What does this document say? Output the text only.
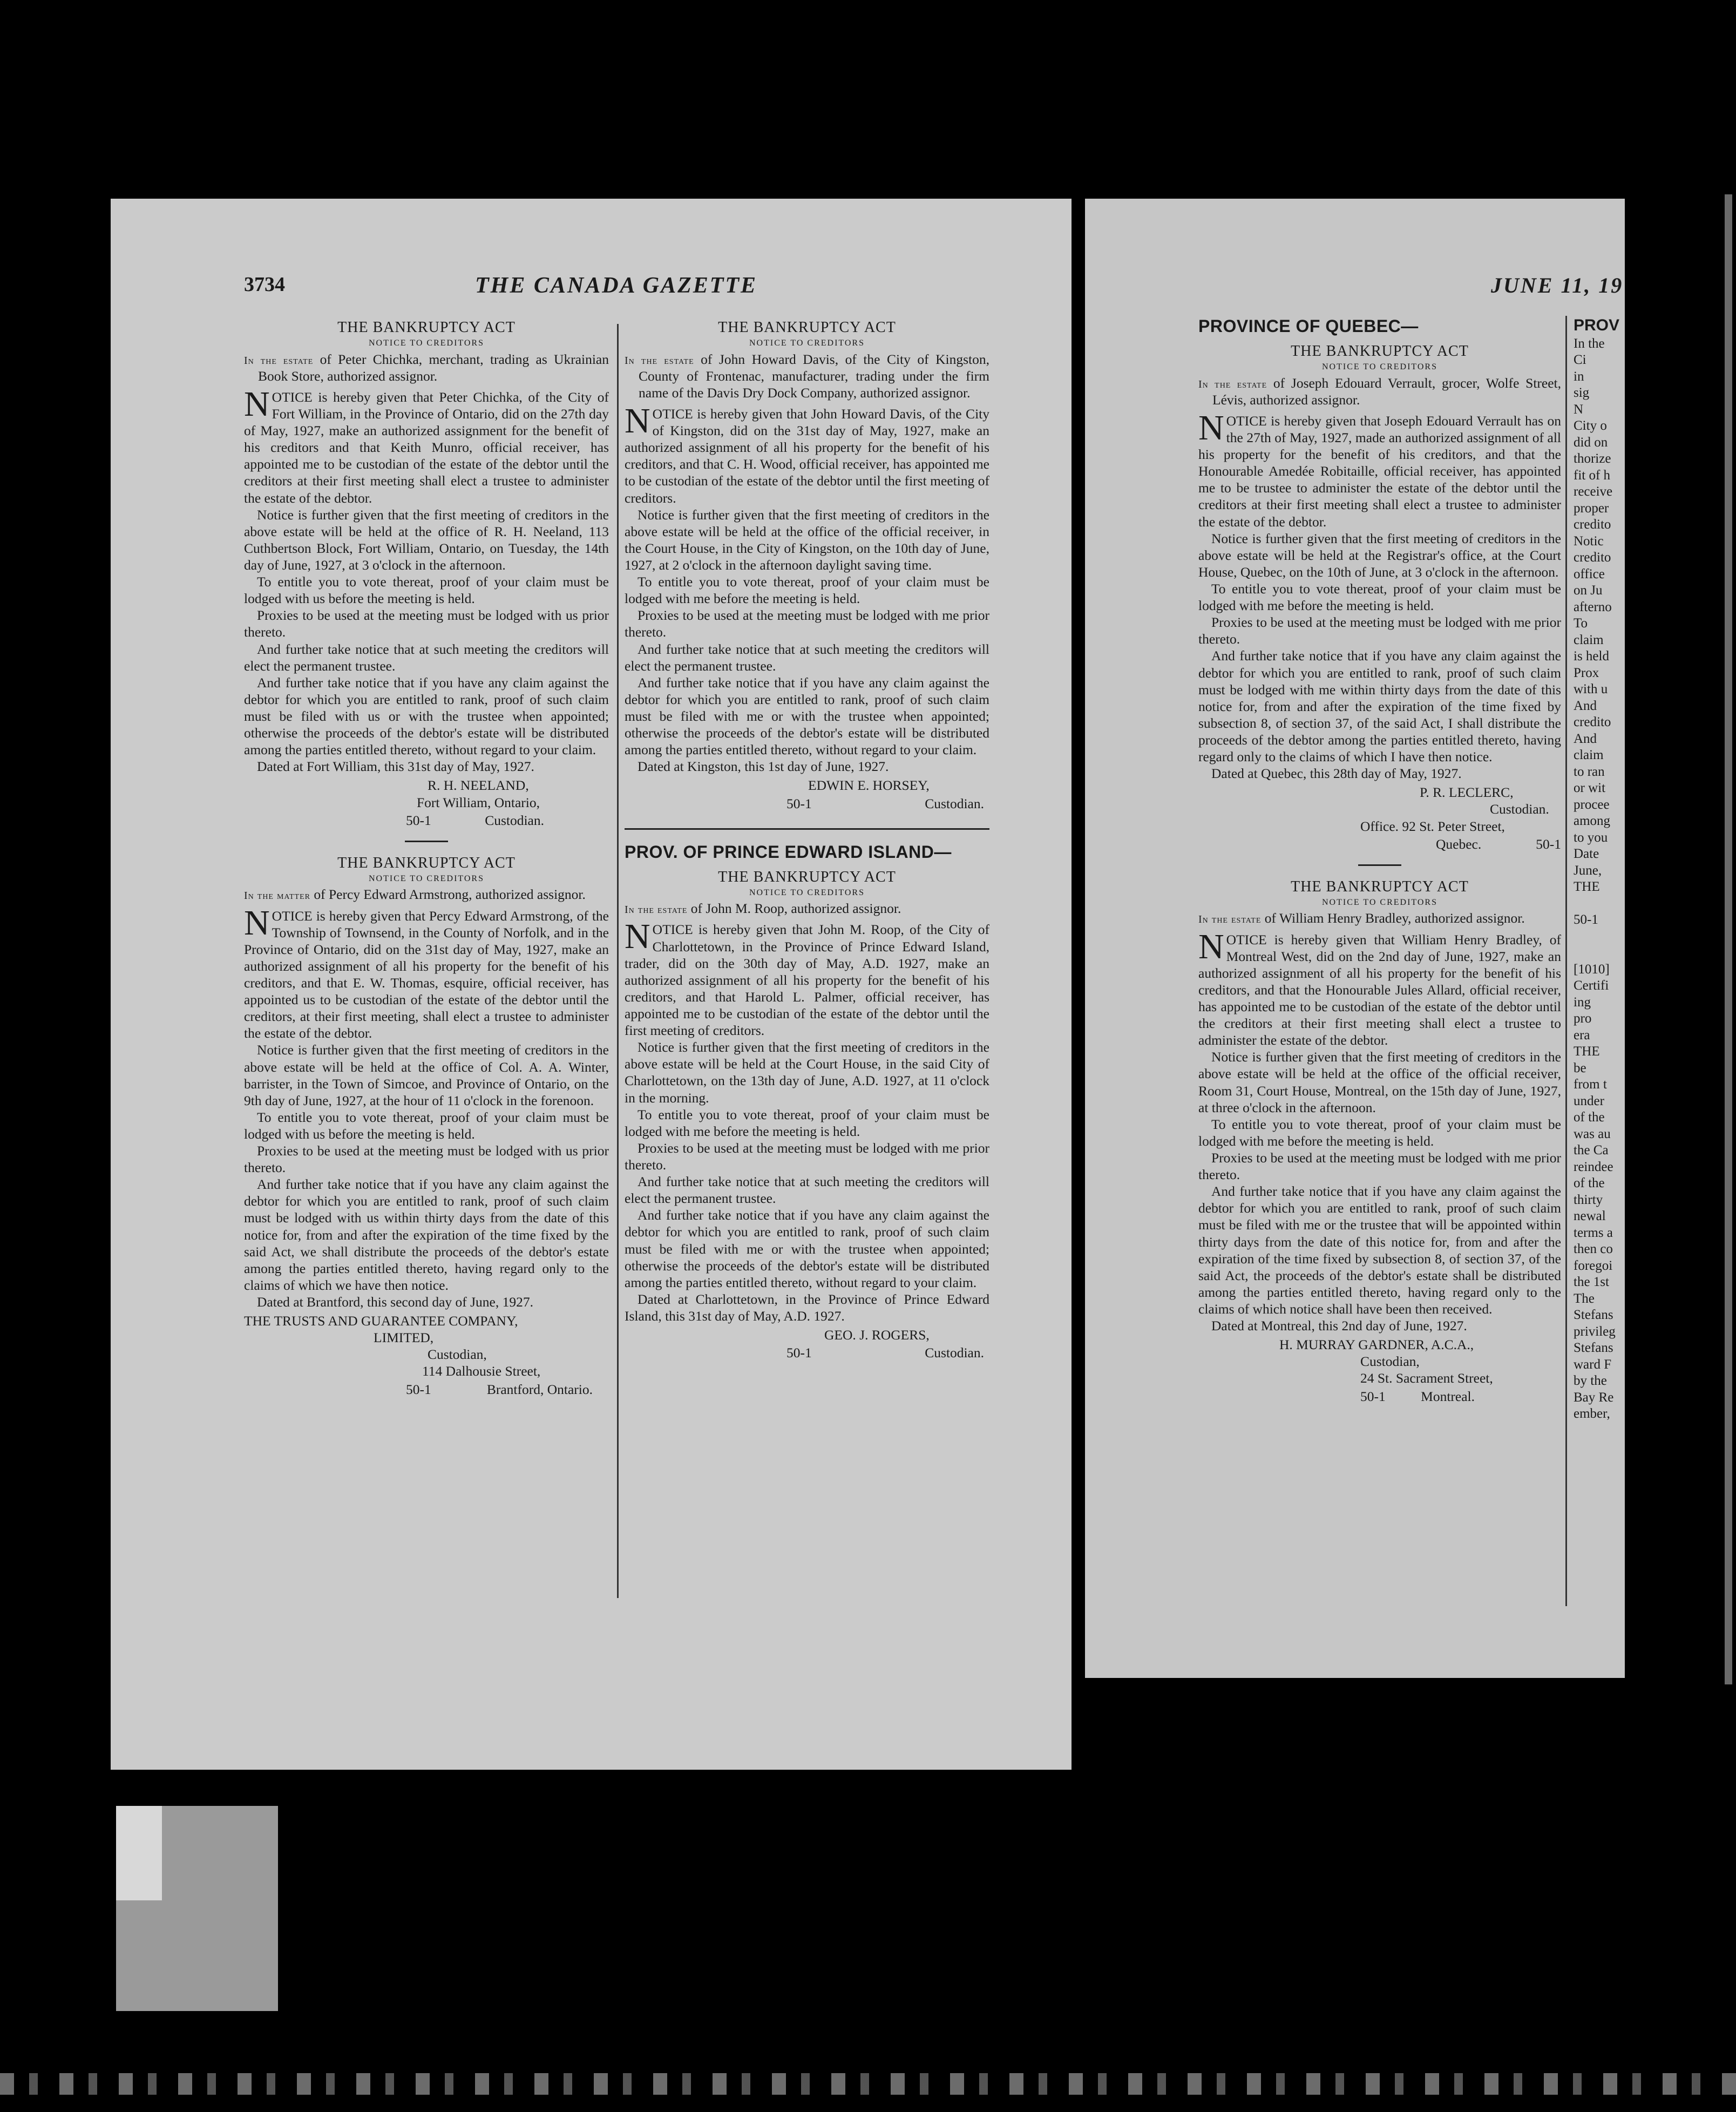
3734	THE CANADA GAZETTE	JUNE 11, 19
THE BANKRUPTCY ACT
NOTICE TO CREDITORS
In the estate of Peter Chichka, merchant, trading as Ukrainian Book Store, authorized assignor.

NOTICE is hereby given that Peter Chichka, of the City of Fort William, in the Province of Ontario, did on the 27th day of May, 1927, make an authorized assignment for the benefit of his creditors and that Keith Munro, official receiver, has appointed me to be custodian of the estate of the debtor until the creditors at their first meeting shall elect a trustee to administer the estate of the debtor.

Notice is further given that the first meeting of creditors in the above estate will be held at the office of R. H. Neeland, 113 Cuthbertson Block, Fort William, Ontario, on Tuesday, the 14th day of June, 1927, at 3 o'clock in the afternoon.

To entitle you to vote thereat, proof of your claim must be lodged with us before the meeting is held.

Proxies to be used at the meeting must be lodged with us prior thereto.

And further take notice that at such meeting the creditors will elect the permanent trustee.

And further take notice that if you have any claim against the debtor for which you are entitled to rank, proof of such claim must be filed with us or with the trustee when appointed; otherwise the proceeds of the debtor's estate will be distributed among the parties entitled thereto, without regard to your claim.

Dated at Fort William, this 31st day of May, 1927.

R. H. NEELAND,
Fort William, Ontario,
50-1	Custodian.
THE BANKRUPTCY ACT
NOTICE TO CREDITORS
In the matter of Percy Edward Armstrong, authorized assignor.

NOTICE is hereby given that Percy Edward Armstrong, of the Township of Townsend, in the County of Norfolk, and in the Province of Ontario, did on the 31st day of May, 1927, make an authorized assignment of all his property for the benefit of his creditors, and that E. W. Thomas, esquire, official receiver, has appointed us to be custodian of the estate of the debtor until the creditors, at their first meeting, shall elect a trustee to administer the estate of the debtor.

Notice is further given that the first meeting of creditors in the above estate will be held at the office of Col. A. A. Winter, barrister, in the Town of Simcoe, and Province of Ontario, on the 9th day of June, 1927, at the hour of 11 o'clock in the forenoon.

To entitle you to vote thereat, proof of your claim must be lodged with us before the meeting is held.

Proxies to be used at the meeting must be lodged with us prior thereto.

And further take notice that if you have any claim against the debtor for which you are entitled to rank, proof of such claim must be lodged with us within thirty days from the date of this notice for, from and after the expiration of the time fixed by the said Act, we shall distribute the proceeds of the debtor's estate among the parties entitled thereto, having regard only to the claims of which we have then notice.

Dated at Brantford, this second day of June, 1927.

THE TRUSTS AND GUARANTEE COMPANY,
LIMITED,
Custodian,
114 Dalhousie Street,
50-1	Brantford, Ontario.
THE BANKRUPTCY ACT
NOTICE TO CREDITORS
In the estate of John Howard Davis, of the City of Kingston, County of Frontenac, manufacturer, trading under the firm name of the Davis Dry Dock Company, authorized assignor.

NOTICE is hereby given that John Howard Davis, of the City of Kingston, did on the 31st day of May, 1927, make an authorized assignment of all his property for the benefit of his creditors, and that C. H. Wood, official receiver, has appointed me to be custodian of the estate of the debtor until the first meeting of creditors.

Notice is further given that the first meeting of creditors in the above estate will be held at the office of the official receiver, in the Court House, in the City of Kingston, on the 10th day of June, 1927, at 2 o'clock in the afternoon daylight saving time.

To entitle you to vote thereat, proof of your claim must be lodged with me before the meeting is held.

Proxies to be used at the meeting must be lodged with me prior thereto.

And further take notice that at such meeting the creditors will elect the permanent trustee.

And further take notice that if you have any claim against the debtor for which you are entitled to rank, proof of such claim must be filed with me or with the trustee when appointed; otherwise the proceeds of the debtor's estate will be distributed among the parties entitled thereto, without regard to your claim.

Dated at Kingston, this 1st day of June, 1927.

EDWIN E. HORSEY,
50-1	Custodian.
PROV. OF PRINCE EDWARD ISLAND—
THE BANKRUPTCY ACT
NOTICE TO CREDITORS
In the estate of John M. Roop, authorized assignor.

NOTICE is hereby given that John M. Roop, of the City of Charlottetown, in the Province of Prince Edward Island, trader, did on the 30th day of May, A.D. 1927, make an authorized assignment of all his property for the benefit of his creditors, and that Harold L. Palmer, official receiver, has appointed me to be custodian of the estate of the debtor until the first meeting of creditors.

Notice is further given that the first meeting of creditors in the above estate will be held at the Court House, in the said City of Charlottetown, on the 13th day of June, A.D. 1927, at 11 o'clock in the morning.

To entitle you to vote thereat, proof of your claim must be lodged with me before the meeting is held.

Proxies to be used at the meeting must be lodged with me prior thereto.

And further take notice that at such meeting the creditors will elect the permanent trustee.

And further take notice that if you have any claim against the debtor for which you are entitled to rank, proof of such claim must be filed with me or with the trustee when appointed; otherwise the proceeds of the debtor's estate will be distributed among the parties entitled thereto, without regard to your claim.

Dated at Charlottetown, in the Province of Prince Edward Island, this 31st day of May, A.D. 1927.

GEO. J. ROGERS,
50-1	Custodian.
PROVINCE OF QUEBEC—
THE BANKRUPTCY ACT
NOTICE TO CREDITORS
In the estate of Joseph Edouard Verrault, grocer, Wolfe Street, Lévis, authorized assignor.

NOTICE is hereby given that Joseph Edouard Verrault has on the 27th of May, 1927, made an authorized assignment of all his property for the benefit of his creditors, and that the Honourable Amedée Robitaille, official receiver, has appointed me to be trustee to administer the estate of the debtor until the creditors at their first meeting shall elect a trustee to administer the estate of the debtor.

Notice is further given that the first meeting of creditors in the above estate will be held at the Registrar's office, at the Court House, Quebec, on the 10th of June, at 3 o'clock in the afternoon.

To entitle you to vote thereat, proof of your claim must be lodged with me before the meeting is held.

Proxies to be used at the meeting must be lodged with me prior thereto.

And further take notice that if you have any claim against the debtor for which you are entitled to rank, proof of such claim must be lodged with me within thirty days from the date of this notice for, from and after the expiration of the time fixed by subsection 8, of section 37, of the said Act, I shall distribute the proceeds of the debtor among the parties entitled thereto, having regard only to the claims of which I have then notice.

Dated at Quebec, this 28th day of May, 1927.

P. R. LECLERC,
Custodian.
Office. 92 St. Peter Street,
Quebec.	50-1
THE BANKRUPTCY ACT
NOTICE TO CREDITORS
In the estate of William Henry Bradley, authorized assignor.

NOTICE is hereby given that William Henry Bradley, of Montreal West, did on the 2nd day of June, 1927, make an authorized assignment of all his property for the benefit of his creditors, and that the Honourable Jules Allard, official receiver, has appointed me to be custodian of the estate of the debtor until the creditors at their first meeting shall elect a trustee to administer the estate of the debtor.

Notice is further given that the first meeting of creditors in the above estate will be held at the office of the official receiver, Room 31, Court House, Montreal, on the 15th day of June, 1927, at three o'clock in the afternoon.

To entitle you to vote thereat, proof of your claim must be lodged with me before the meeting is held.

Proxies to be used at the meeting must be lodged with me prior thereto.

And further take notice that if you have any claim against the debtor for which you are entitled to rank, proof of such claim must be filed with me or the trustee that will be appointed within thirty days from the date of this notice for, from and after the expiration of the time fixed by subsection 8, of section 37, of the said Act, the proceeds of the debtor's estate shall be distributed among the parties entitled thereto, having regard only to the claims of which notice shall have been then received.

Dated at Montreal, this 2nd day of June, 1927.

H. MURRAY GARDNER, A.C.A.,
Custodian,
24 St. Sacrament Street,
50-1	Montreal.
PROV
In the
Ci
in
sig
N
City o
did on
thorize
fit of h
receive
proper
credito
Notic
credito
office
on Ju
afterno
To
claim
is held
Prox
with u
And
credito
And
claim
to ran
or wit
procee
among
to you
Date
June,
THE

50-1

[1010]
Certifi
ing
pro
era
THE
be
from t
under
of the
was au
the Ca
reindee
of the
thirty
newal
terms a
then co
foregoi
the 1st
The
Stefans
privileg
Stefans
ward F
by the
Bay Re
ember,
